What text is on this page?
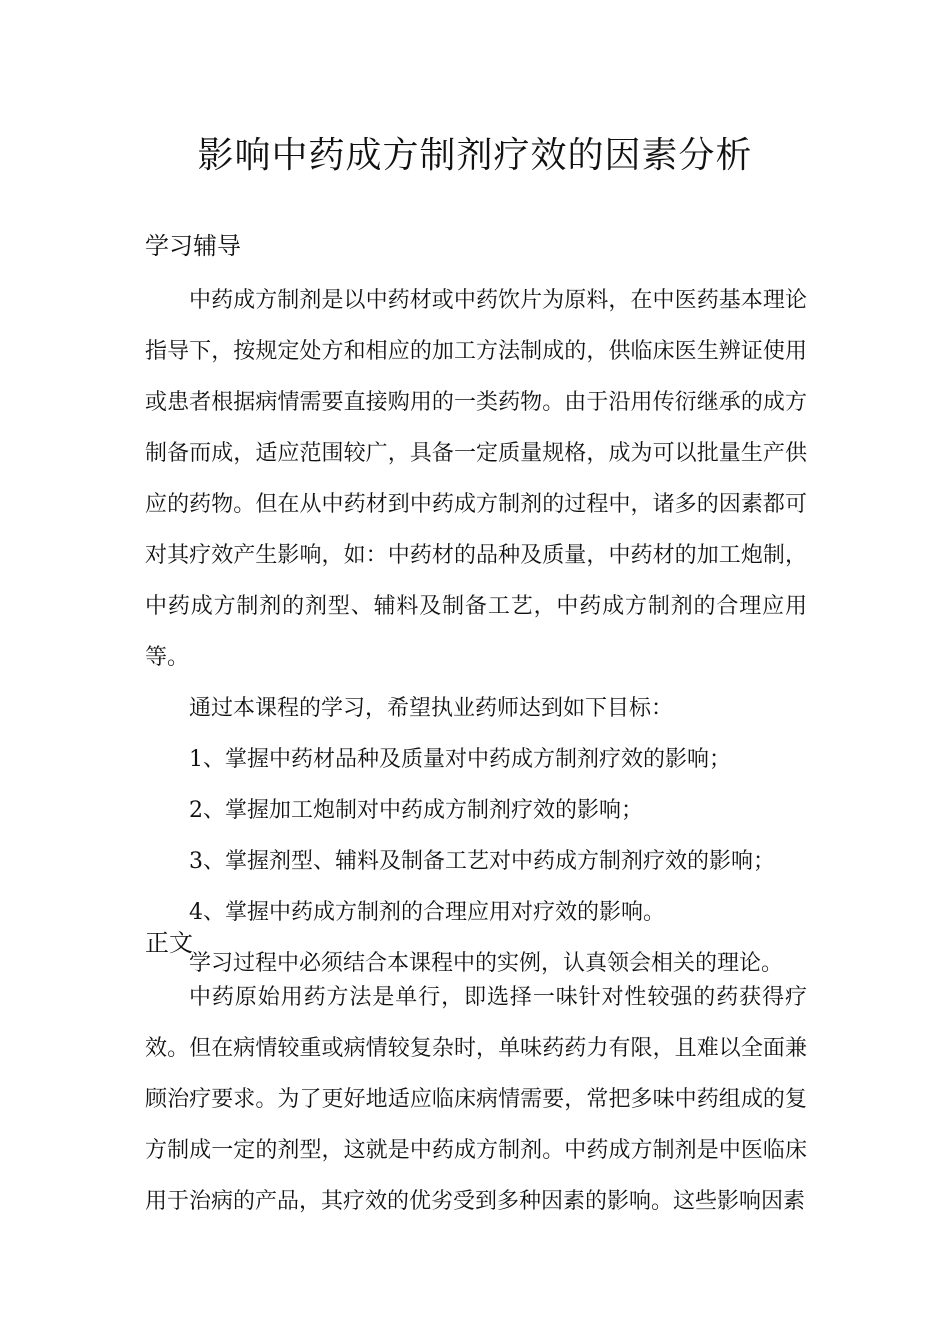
影响中药成方制剂疗效的因素分析
学习辅导

中药成方制剂是以中药材或中药饮片为原料，在中医药基本理论指导下，按规定处方和相应的加工方法制成的，供临床医生辨证使用或患者根据病情需要直接购用的一类药物。由于沿用传衍继承的成方制备而成，适应范围较广，具备一定质量规格，成为可以批量生产供应的药物。但在从中药材到中药成方制剂的过程中，诸多的因素都可对其疗效产生影响，如：中药材的品种及质量，中药材的加工炮制，中药成方制剂的剂型、辅料及制备工艺，中药成方制剂的合理应用等。

通过本课程的学习，希望执业药师达到如下目标：

1、掌握中药材品种及质量对中药成方制剂疗效的影响；

2、掌握加工炮制对中药成方制剂疗效的影响；

3、掌握剂型、辅料及制备工艺对中药成方制剂疗效的影响；

4、掌握中药成方制剂的合理应用对疗效的影响。

学习过程中必须结合本课程中的实例，认真领会相关的理论。

正文

中药原始用药方法是单行，即选择一味针对性较强的药获得疗效。但在病情较重或病情较复杂时，单味药药力有限，且难以全面兼顾治疗要求。为了更好地适应临床病情需要，常把多味中药组成的复方制成一定的剂型，这就是中药成方制剂。中药成方制剂是中医临床用于治病的产品，其疗效的优劣受到多种因素的影响。这些影响因素
